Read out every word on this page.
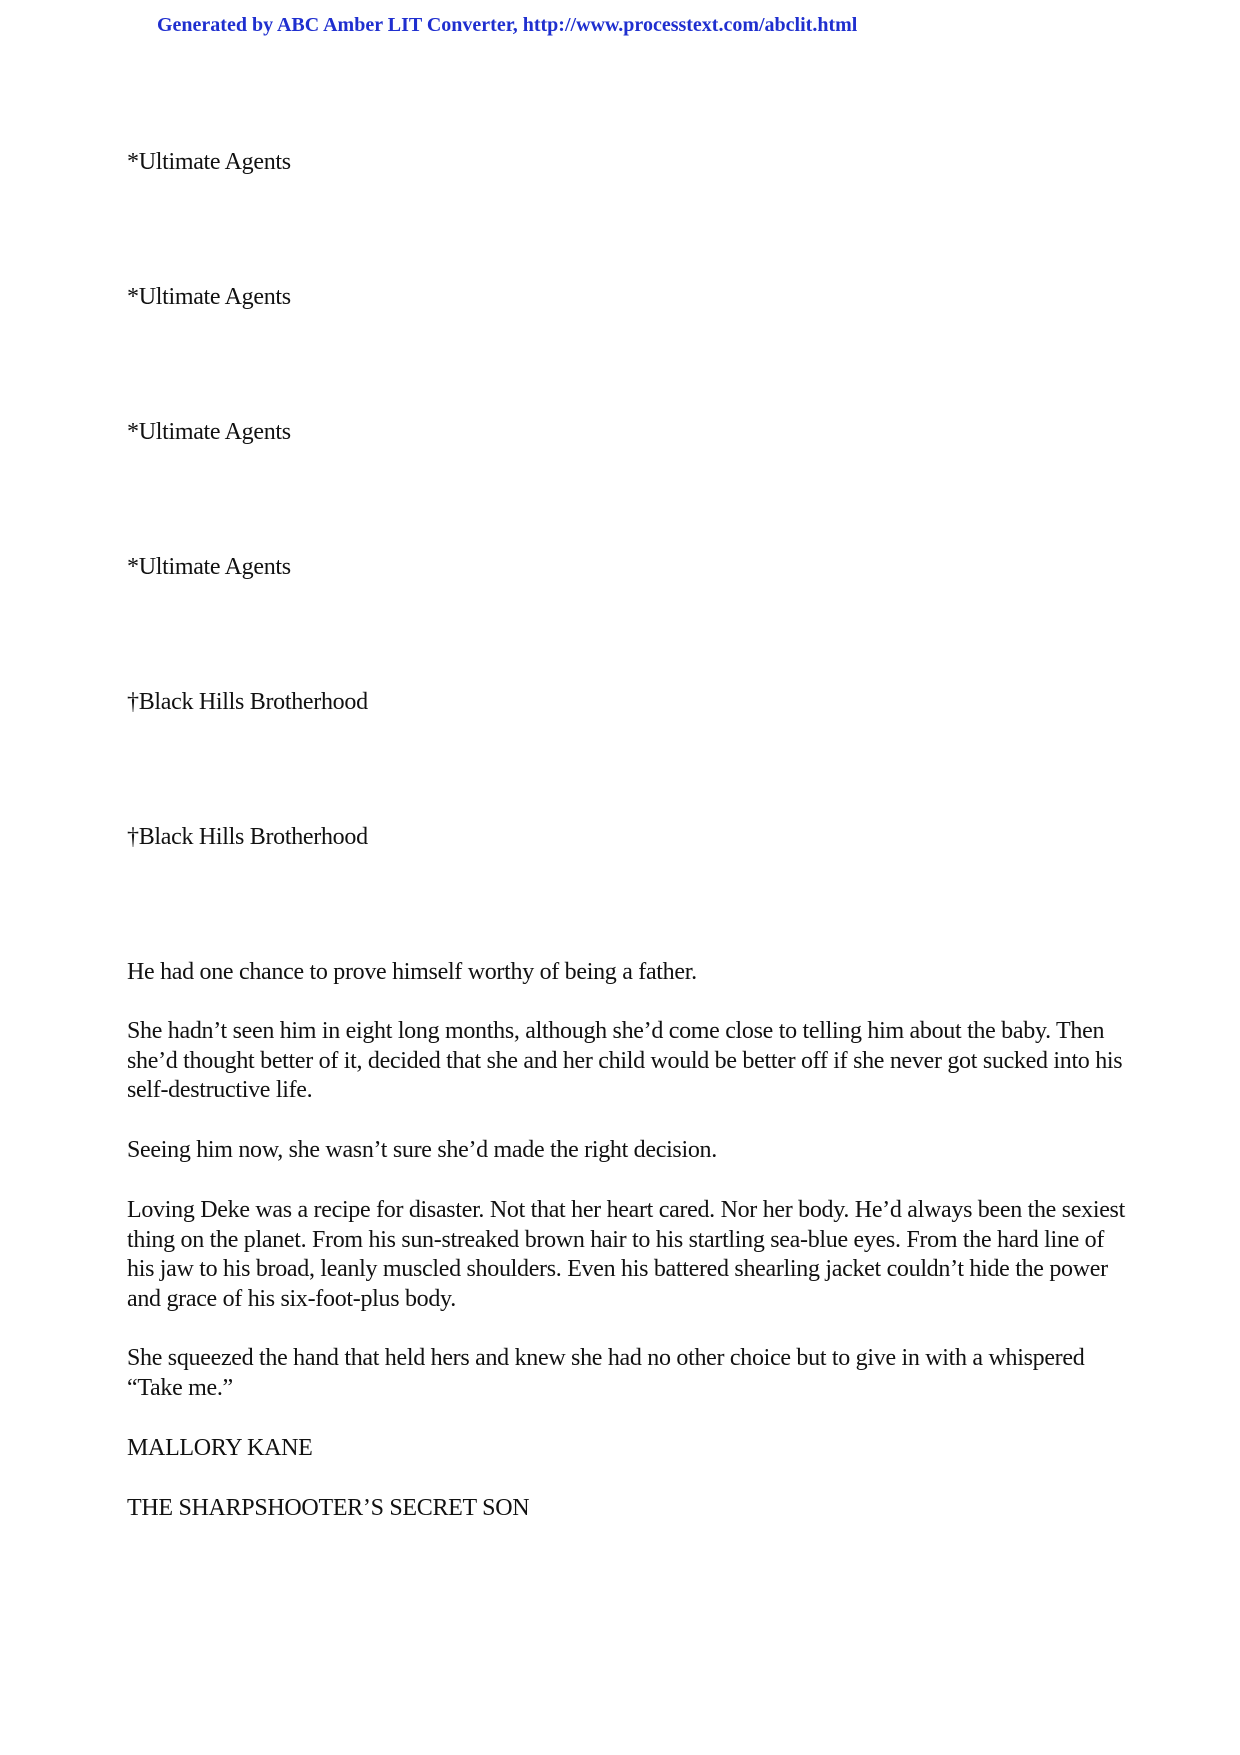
Generated by ABC Amber LIT Converter, http://www.processtext.com/abclit.html
*Ultimate Agents
*Ultimate Agents
*Ultimate Agents
*Ultimate Agents
†Black Hills Brotherhood
†Black Hills Brotherhood
He had one chance to prove himself worthy of being a father.
She hadn’t seen him in eight long months, although she’d come close to telling him about the baby. Then she’d thought better of it, decided that she and her child would be better off if she never got sucked into his self-destructive life.
Seeing him now, she wasn’t sure she’d made the right decision.
Loving Deke was a recipe for disaster. Not that her heart cared. Nor her body. He’d always been the sexiest thing on the planet. From his sun-streaked brown hair to his startling sea-blue eyes. From the hard line of his jaw to his broad, leanly muscled shoulders. Even his battered shearling jacket couldn’t hide the power and grace of his six-foot-plus body.
She squeezed the hand that held hers and knew she had no other choice but to give in with a whispered “Take me.”
MALLORY KANE
THE SHARPSHOOTER’S SECRET SON
